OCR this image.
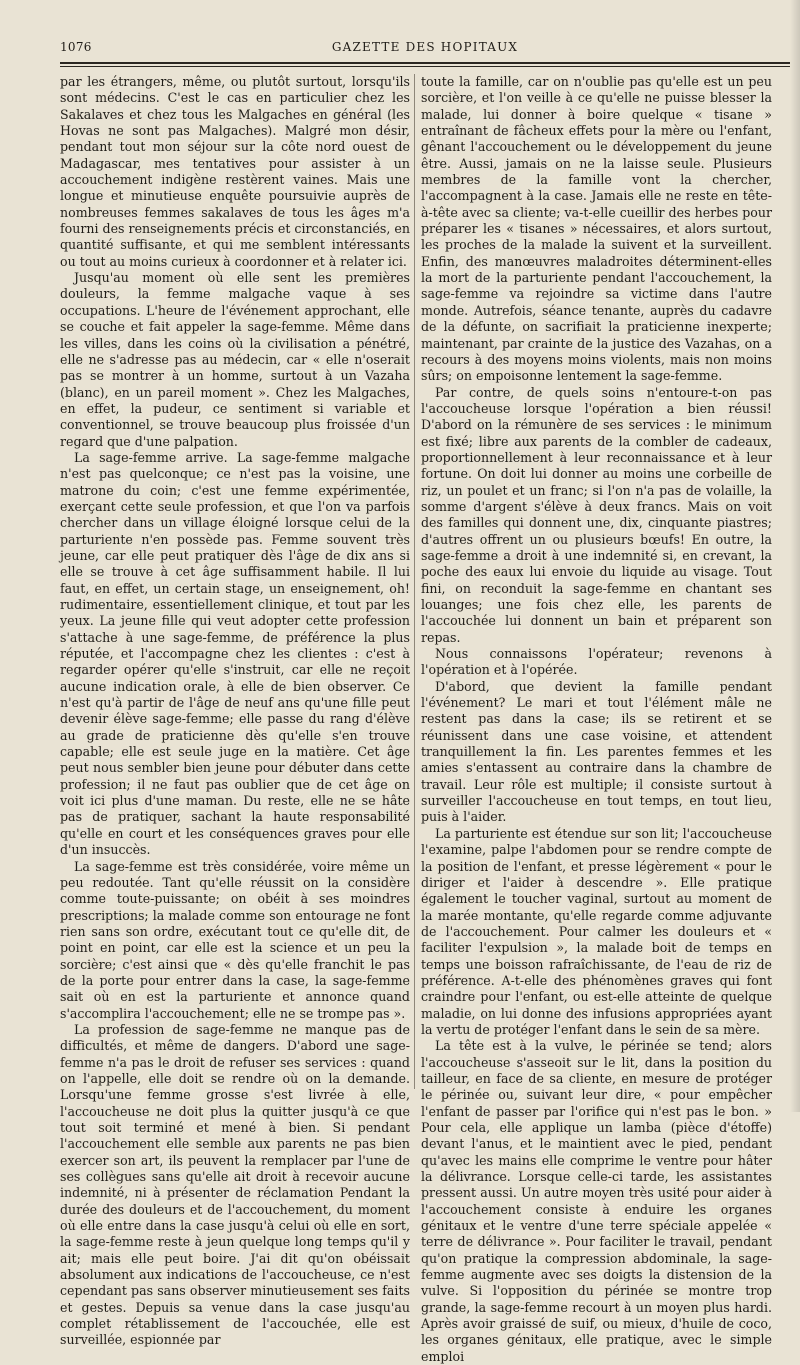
1076	GAZETTE DES HOPITAUX

par les étrangers, même, ou plutôt surtout, lorsqu'ils sont médecins. C'est le cas en particulier chez les Sakalaves et chez tous les Malgaches en général (les Hovas ne sont pas Malgaches). Malgré mon désir, pendant tout mon séjour sur la côte nord ouest de Madagascar, mes tentatives pour assister à un accouchement indigène restèrent vaines. Mais une longue et minutieuse enquête poursuivie auprès de nombreuses femmes sakalaves de tous les âges m'a fourni des renseignements précis et circonstanciés, en quantité suffisante, et qui me semblent intéressants ou tout au moins curieux à coordonner et à relater ici.

Jusqu'au moment où elle sent les premières douleurs, la femme malgache vaque à ses occupations. L'heure de l'événement approchant, elle se couche et fait appeler la sage-femme. Même dans les villes, dans les coins où la civilisation a pénétré, elle ne s'adresse pas au médecin, car « elle n'oserait pas se montrer à un homme, surtout à un Vazaha (blanc), en un pareil moment ». Chez les Malgaches, en effet, la pudeur, ce sentiment si variable et conventionnel, se trouve beaucoup plus froissée d'un regard que d'une palpation.

La sage-femme arrive. La sage-femme malgache n'est pas quelconque; ce n'est pas la voisine, une matrone du coin; c'est une femme expérimentée, exerçant cette seule profession, et que l'on va parfois chercher dans un village éloigné lorsque celui de la parturiente n'en possède pas. Femme souvent très jeune, car elle peut pratiquer dès l'âge de dix ans si elle se trouve à cet âge suffisamment habile. Il lui faut, en effet, un certain stage, un enseignement, oh! rudimentaire, essentiellement clinique, et tout par les yeux. La jeune fille qui veut adopter cette profession s'attache à une sage-femme, de préférence la plus réputée, et l'accompagne chez les clientes : c'est à regarder opérer qu'elle s'instruit, car elle ne reçoit aucune indication orale, à elle de bien observer. Ce n'est qu'à partir de l'âge de neuf ans qu'une fille peut devenir élève sage-femme; elle passe du rang d'élève au grade de praticienne dès qu'elle s'en trouve capable; elle est seule juge en la matière. Cet âge peut nous sembler bien jeune pour débuter dans cette profession; il ne faut pas oublier que de cet âge on voit ici plus d'une maman. Du reste, elle ne se hâte pas de pratiquer, sachant la haute responsabilité qu'elle en court et les conséquences graves pour elle d'un insuccès.

La sage-femme est très considérée, voire même un peu redoutée. Tant qu'elle réussit on la considère comme toute-puissante; on obéit à ses moindres prescriptions; la malade comme son entourage ne font rien sans son ordre, exécutant tout ce qu'elle dit, de point en point, car elle est la science et un peu la sorcière; c'est ainsi que « dès qu'elle franchit le pas de la porte pour entrer dans la case, la sage-femme sait où en est la parturiente et annonce quand s'accomplira l'accouchement; elle ne se trompe pas ».

La profession de sage-femme ne manque pas de difficultés, et même de dangers. D'abord une sage-femme n'a pas le droit de refuser ses services : quand on l'appelle, elle doit se rendre où on la demande. Lorsqu'une femme grosse s'est livrée à elle, l'accoucheuse ne doit plus la quitter jusqu'à ce que tout soit terminé et mené à bien. Si pendant l'accouchement elle semble aux parents ne pas bien exercer son art, ils peuvent la remplacer par l'une de ses collègues sans qu'elle ait droit à recevoir aucune indemnité, ni à présenter de réclamation Pendant la durée des douleurs et de l'accouchement, du moment où elle entre dans la case jusqu'à celui où elle en sort, la sage-femme reste à jeun quelque long temps qu'il y ait; mais elle peut boire. J'ai dit qu'on obéissait absolument aux indications de l'accoucheuse, ce n'est cependant pas sans observer minutieusement ses faits et gestes. Depuis sa venue dans la case jusqu'au complet rétablissement de l'accouchée, elle est surveillée, espionnée par

toute la famille, car on n'oublie pas qu'elle est un peu sorcière, et l'on veille à ce qu'elle ne puisse blesser la malade, lui donner à boire quelque « tisane » entraînant de fâcheux effets pour la mère ou l'enfant, gênant l'accouchement ou le développement du jeune être. Aussi, jamais on ne la laisse seule. Plusieurs membres de la famille vont la chercher, l'accompagnent à la case. Jamais elle ne reste en tête-à-tête avec sa cliente; va-t-elle cueillir des herbes pour préparer les « tisanes » nécessaires, et alors surtout, les proches de la malade la suivent et la surveillent. Enfin, des manœuvres maladroites déterminent-elles la mort de la parturiente pendant l'accouchement, la sage-femme va rejoindre sa victime dans l'autre monde. Autrefois, séance tenante, auprès du cadavre de la défunte, on sacrifiait la praticienne inexperte; maintenant, par crainte de la justice des Vazahas, on a recours à des moyens moins violents, mais non moins sûrs; on empoisonne lentement la sage-femme.

Par contre, de quels soins n'entoure-t-on pas l'accoucheuse lorsque l'opération a bien réussi! D'abord on la rémunère de ses services : le minimum est fixé; libre aux parents de la combler de cadeaux, proportionnellement à leur reconnaissance et à leur fortune. On doit lui donner au moins une corbeille de riz, un poulet et un franc; si l'on n'a pas de volaille, la somme d'argent s'élève à deux francs. Mais on voit des familles qui donnent une, dix, cinquante piastres; d'autres offrent un ou plusieurs bœufs! En outre, la sage-femme a droit à une indemnité si, en crevant, la poche des eaux lui envoie du liquide au visage. Tout fini, on reconduit la sage-femme en chantant ses louanges; une fois chez elle, les parents de l'accouchée lui donnent un bain et préparent son repas.

Nous connaissons l'opérateur; revenons à l'opération et à l'opérée.

D'abord, que devient la famille pendant l'événement? Le mari et tout l'élément mâle ne restent pas dans la case; ils se retirent et se réunissent dans une case voisine, et attendent tranquillement la fin. Les parentes femmes et les amies s'entassent au contraire dans la chambre de travail. Leur rôle est multiple; il consiste surtout à surveiller l'accoucheuse en tout temps, en tout lieu, puis à l'aider.

La parturiente est étendue sur son lit; l'accoucheuse l'examine, palpe l'abdomen pour se rendre compte de la position de l'enfant, et presse légèrement « pour le diriger et l'aider à descendre ». Elle pratique également le toucher vaginal, surtout au moment de la marée montante, qu'elle regarde comme adjuvante de l'accouchement. Pour calmer les douleurs et « faciliter l'expulsion », la malade boit de temps en temps une boisson rafraîchissante, de l'eau de riz de préférence. A-t-elle des phénomènes graves qui font craindre pour l'enfant, ou est-elle atteinte de quelque maladie, on lui donne des infusions appropriées ayant la vertu de protéger l'enfant dans le sein de sa mère.

La tête est à la vulve, le périnée se tend; alors l'accoucheuse s'asseoit sur le lit, dans la position du tailleur, en face de sa cliente, en mesure de protéger le périnée ou, suivant leur dire, « pour empêcher l'enfant de passer par l'orifice qui n'est pas le bon. » Pour cela, elle applique un lamba (pièce d'étoffe) devant l'anus, et le maintient avec le pied, pendant qu'avec les mains elle comprime le ventre pour hâter la délivrance. Lorsque celle-ci tarde, les assistantes pressent aussi. Un autre moyen très usité pour aider à l'accouchement consiste à enduire les organes génitaux et le ventre d'une terre spéciale appelée « terre de délivrance ». Pour faciliter le travail, pendant qu'on pratique la compression abdominale, la sage-femme augmente avec ses doigts la distension de la vulve. Si l'opposition du périnée se montre trop grande, la sage-femme recourt à un moyen plus hardi. Après avoir graissé de suif, ou mieux, d'huile de coco, les organes génitaux, elle pratique, avec le simple emploi
